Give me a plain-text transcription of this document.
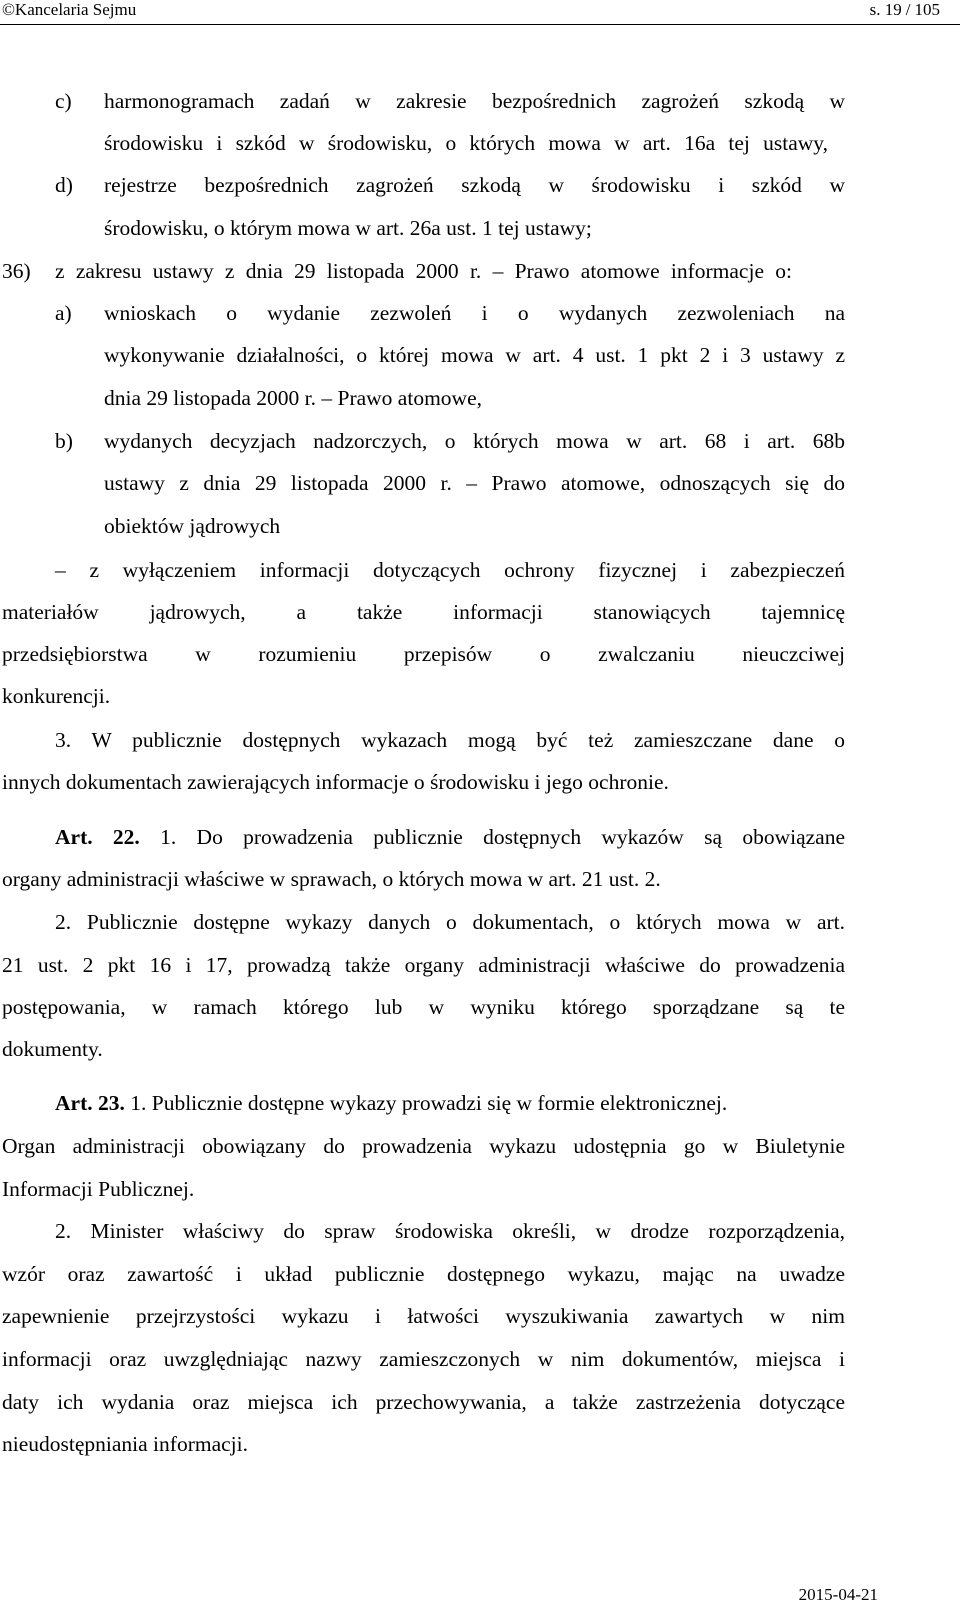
©Kancelaria Sejmu	s. 19 / 105
c) harmonogramach zadań w zakresie bezpośrednich zagrożeń szkodą w
środowisku i szkód w środowisku, o których mowa w art. 16a tej ustawy,
d) rejestrze bezpośrednich zagrożeń szkodą w środowisku i szkód w
środowisku, o którym mowa w art. 26a ust. 1 tej ustawy;
36) z zakresu ustawy z dnia 29 listopada 2000 r. – Prawo atomowe informacje o:
a) wnioskach o wydanie zezwoleń i o wydanych zezwoleniach na
wykonywanie działalności, o której mowa w art. 4 ust. 1 pkt 2 i 3 ustawy z
dnia 29 listopada 2000 r. – Prawo atomowe,
b) wydanych decyzjach nadzorczych, o których mowa w art. 68 i art. 68b
ustawy z dnia 29 listopada 2000 r. – Prawo atomowe, odnoszących się do
obiektów jądrowych
– z wyłączeniem informacji dotyczących ochrony fizycznej i zabezpieczeń
materiałów jądrowych, a także informacji stanowiących tajemnicę
przedsiębiorstwa w rozumieniu przepisów o zwalczaniu nieuczciwej
konkurencji.
3. W publicznie dostępnych wykazach mogą być też zamieszczane dane o
innych dokumentach zawierających informacje o środowisku i jego ochronie.
Art. 22. 1. Do prowadzenia publicznie dostępnych wykazów są obowiązane
organy administracji właściwe w sprawach, o których mowa w art. 21 ust. 2.
2. Publicznie dostępne wykazy danych o dokumentach, o których mowa w art.
21 ust. 2 pkt 16 i 17, prowadzą także organy administracji właściwe do prowadzenia
postępowania, w ramach którego lub w wyniku którego sporządzane są te
dokumenty.
Art. 23. 1. Publicznie dostępne wykazy prowadzi się w formie elektronicznej.
Organ administracji obowiązany do prowadzenia wykazu udostępnia go w Biuletynie
Informacji Publicznej.
2. Minister właściwy do spraw środowiska określi, w drodze rozporządzenia,
wzór oraz zawartość i układ publicznie dostępnego wykazu, mając na uwadze
zapewnienie przejrzystości wykazu i łatwości wyszukiwania zawartych w nim
informacji oraz uwzględniając nazwy zamieszczonych w nim dokumentów, miejsca i
daty ich wydania oraz miejsca ich przechowywania, a także zastrzeżenia dotyczące
nieudostępniania informacji.
2015-04-21
